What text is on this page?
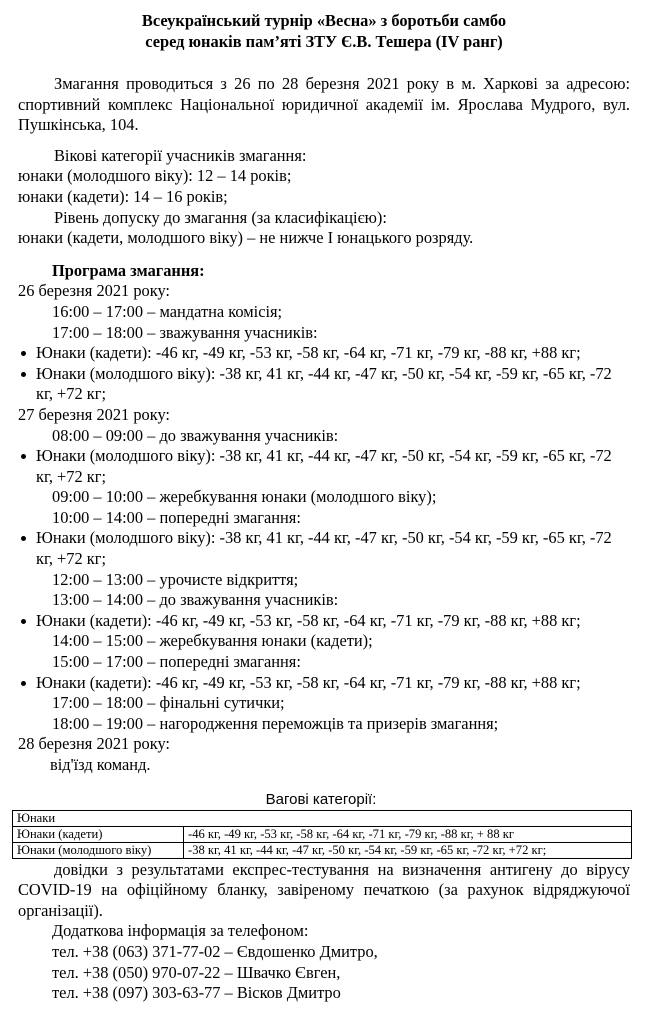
Всеукраїнський турнір «Весна» з боротьби самбо

серед юнаків пам’яті ЗТУ Є.В. Тешера (IV ранг)

Змагання проводиться з 26 по 28 березня 2021 року в м. Харкові за адресою: спортивний комплекс Національної юридичної академії ім. Ярослава Мудрого, вул. Пушкінська, 104.

Вікові категорії учасників змагання:

юнаки (молодшого віку): 12 – 14 років;

юнаки (кадети): 14 – 16 років;

Рівень допуску до змагання (за класифікацією):

юнаки (кадети, молодшого віку) – не нижче І юнацького розряду.

Програма змагання:

26 березня 2021 року:

16:00 – 17:00 – мандатна комісія;

17:00 – 18:00 – зважування учасників:

Юнаки (кадети): -46 кг, -49 кг, -53 кг, -58 кг, -64 кг, -71 кг, -79 кг, -88 кг, +88 кг;

Юнаки (молодшого віку): -38 кг, 41 кг, -44 кг, -47 кг, -50 кг, -54 кг, -59 кг, -65 кг, -72 кг, +72 кг;

27 березня 2021 року:

08:00 – 09:00 – до зважування учасників:

Юнаки (молодшого віку): -38 кг, 41 кг, -44 кг, -47 кг, -50 кг, -54 кг, -59 кг, -65 кг, -72 кг, +72 кг;

09:00 – 10:00 – жеребкування юнаки (молодшого віку);

10:00 – 14:00 – попередні змагання:

Юнаки (молодшого віку): -38 кг, 41 кг, -44 кг, -47 кг, -50 кг, -54 кг, -59 кг, -65 кг, -72 кг, +72 кг;

12:00 – 13:00 – урочисте відкриття;

13:00 – 14:00 – до зважування учасників:

Юнаки (кадети): -46 кг, -49 кг, -53 кг, -58 кг, -64 кг, -71 кг, -79 кг, -88 кг, +88 кг;

14:00 – 15:00 – жеребкування юнаки (кадети);

15:00 – 17:00 – попередні змагання:

Юнаки (кадети): -46 кг, -49 кг, -53 кг, -58 кг, -64 кг, -71 кг, -79 кг, -88 кг, +88 кг;

17:00 – 18:00 – фінальні сутички;

18:00 – 19:00 – нагородження переможців та призерів змагання;

28 березня 2021 року:

від'їзд команд.

Вагові категорії:

Юнаки	
Юнаки (кадети)	-46 кг, -49 кг, -53 кг, -58 кг, -64 кг, -71 кг, -79 кг, -88 кг, + 88 кг
Юнаки (молодшого віку)	-38 кг, 41 кг, -44 кг, -47 кг, -50 кг, -54 кг, -59 кг, -65 кг, -72 кг, +72 кг;

довідки з результатами експрес-тестування на визначення антигену до вірусу COVID-19 на офіційному бланку, завіреному печаткою (за рахунок відряджуючої організації).

Додаткова інформація за телефоном:

тел. +38 (063) 371-77-02 – Євдошенко Дмитро,

тел. +38 (050) 970-07-22 – Швачко Євген,

тел. +38 (097) 303-63-77 – Вісков Дмитро
